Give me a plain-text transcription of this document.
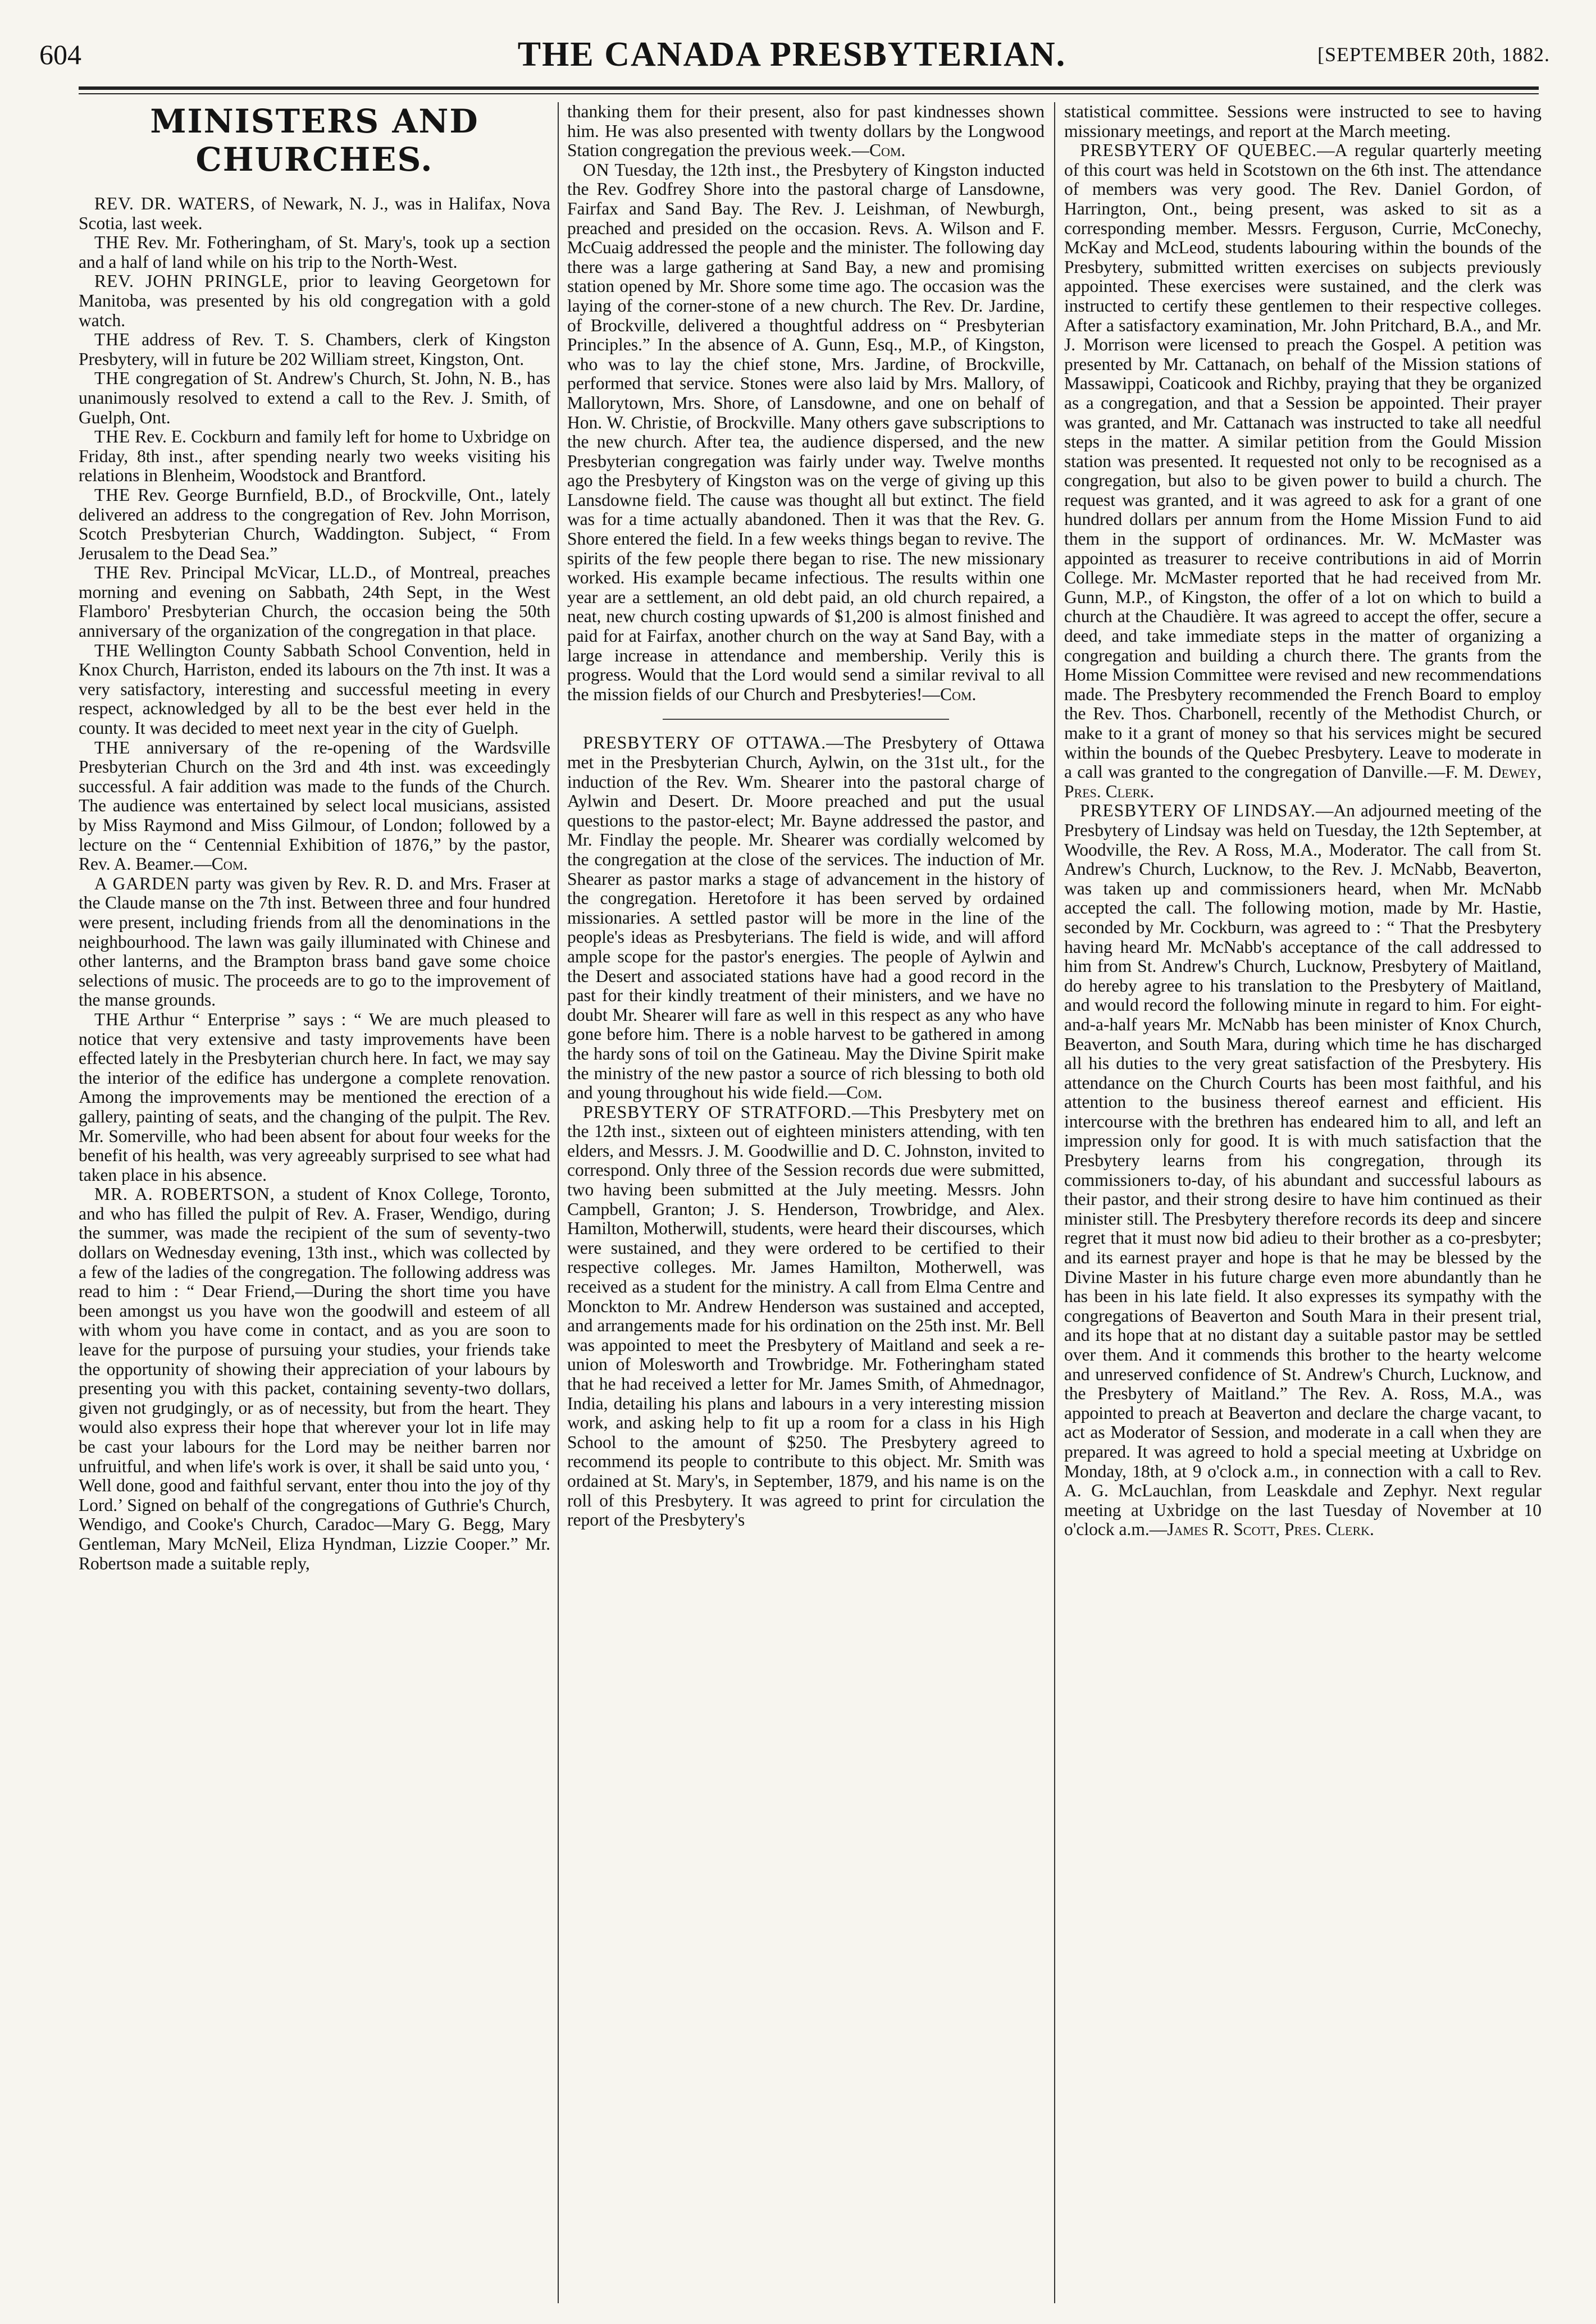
604	THE CANADA PRESBYTERIAN.	[SEPTEMBER 20th, 1882.
MINISTERS AND CHURCHES.

REV. DR. WATERS, of Newark, N. J., was in Halifax, Nova Scotia, last week.

THE Rev. Mr. Fotheringham, of St. Mary's, took up a section and a half of land while on his trip to the North-West.

REV. JOHN PRINGLE, prior to leaving Georgetown for Manitoba, was presented by his old congregation with a gold watch.

THE address of Rev. T. S. Chambers, clerk of Kingston Presbytery, will in future be 202 William street, Kingston, Ont.

THE congregation of St. Andrew's Church, St. John, N. B., has unanimously resolved to extend a call to the Rev. J. Smith, of Guelph, Ont.

THE Rev. E. Cockburn and family left for home to Uxbridge on Friday, 8th inst., after spending nearly two weeks visiting his relations in Blenheim, Woodstock and Brantford.

THE Rev. George Burnfield, B.D., of Brockville, Ont., lately delivered an address to the congregation of Rev. John Morrison, Scotch Presbyterian Church, Waddington. Subject, “ From Jerusalem to the Dead Sea.”

THE Rev. Principal McVicar, LL.D., of Montreal, preaches morning and evening on Sabbath, 24th Sept, in the West Flamboro' Presbyterian Church, the occasion being the 50th anniversary of the organization of the congregation in that place.

THE Wellington County Sabbath School Convention, held in Knox Church, Harriston, ended its labours on the 7th inst. It was a very satisfactory, interesting and successful meeting in every respect, acknowledged by all to be the best ever held in the county. It was decided to meet next year in the city of Guelph.

THE anniversary of the re-opening of the Wardsville Presbyterian Church on the 3rd and 4th inst. was exceedingly successful. A fair addition was made to the funds of the Church. The audience was entertained by select local musicians, assisted by Miss Raymond and Miss Gilmour, of London; followed by a lecture on the “ Centennial Exhibition of 1876,” by the pastor, Rev. A. Beamer.—Com.

A GARDEN party was given by Rev. R. D. and Mrs. Fraser at the Claude manse on the 7th inst. Between three and four hundred were present, including friends from all the denominations in the neighbourhood. The lawn was gaily illuminated with Chinese and other lanterns, and the Brampton brass band gave some choice selections of music. The proceeds are to go to the improvement of the manse grounds.

THE Arthur “ Enterprise ” says : “ We are much pleased to notice that very extensive and tasty improvements have been effected lately in the Presbyterian church here. In fact, we may say the interior of the edifice has undergone a complete renovation. Among the improvements may be mentioned the erection of a gallery, painting of seats, and the changing of the pulpit. The Rev. Mr. Somerville, who had been absent for about four weeks for the benefit of his health, was very agreeably surprised to see what had taken place in his absence.

MR. A. ROBERTSON, a student of Knox College, Toronto, and who has filled the pulpit of Rev. A. Fraser, Wendigo, during the summer, was made the recipient of the sum of seventy-two dollars on Wednesday evening, 13th inst., which was collected by a few of the ladies of the congregation. The following address was read to him : “ Dear Friend,—During the short time you have been amongst us you have won the goodwill and esteem of all with whom you have come in contact, and as you are soon to leave for the purpose of pursuing your studies, your friends take the opportunity of showing their appreciation of your labours by presenting you with this packet, containing seventy-two dollars, given not grudgingly, or as of necessity, but from the heart. They would also express their hope that wherever your lot in life may be cast your labours for the Lord may be neither barren nor unfruitful, and when life's work is over, it shall be said unto you, ‘ Well done, good and faithful servant, enter thou into the joy of thy Lord.’ Signed on behalf of the congregations of Guthrie's Church, Wendigo, and Cooke's Church, Caradoc—Mary G. Begg, Mary Gentleman, Mary McNeil, Eliza Hyndman, Lizzie Cooper.” Mr. Robertson made a suitable reply,

thanking them for their present, also for past kindnesses shown him. He was also presented with twenty dollars by the Longwood Station congregation the previous week.—Com.

ON Tuesday, the 12th inst., the Presbytery of Kingston inducted the Rev. Godfrey Shore into the pastoral charge of Lansdowne, Fairfax and Sand Bay. The Rev. J. Leishman, of Newburgh, preached and presided on the occasion. Revs. A. Wilson and F. McCuaig addressed the people and the minister. The following day there was a large gathering at Sand Bay, a new and promising station opened by Mr. Shore some time ago. The occasion was the laying of the corner-stone of a new church. The Rev. Dr. Jardine, of Brockville, delivered a thoughtful address on “ Presbyterian Principles.” In the absence of A. Gunn, Esq., M.P., of Kingston, who was to lay the chief stone, Mrs. Jardine, of Brockville, performed that service. Stones were also laid by Mrs. Mallory, of Mallorytown, Mrs. Shore, of Lansdowne, and one on behalf of Hon. W. Christie, of Brockville. Many others gave subscriptions to the new church. After tea, the audience dispersed, and the new Presbyterian congregation was fairly under way. Twelve months ago the Presbytery of Kingston was on the verge of giving up this Lansdowne field. The cause was thought all but extinct. The field was for a time actually abandoned. Then it was that the Rev. G. Shore entered the field. In a few weeks things began to revive. The spirits of the few people there began to rise. The new missionary worked. His example became infectious. The results within one year are a settlement, an old debt paid, an old church repaired, a neat, new church costing upwards of $1,200 is almost finished and paid for at Fairfax, another church on the way at Sand Bay, with a large increase in attendance and membership. Verily this is progress. Would that the Lord would send a similar revival to all the mission fields of our Church and Presbyteries!—Com.

PRESBYTERY OF OTTAWA.—The Presbytery of Ottawa met in the Presbyterian Church, Aylwin, on the 31st ult., for the induction of the Rev. Wm. Shearer into the pastoral charge of Aylwin and Desert. Dr. Moore preached and put the usual questions to the pastor-elect; Mr. Bayne addressed the pastor, and Mr. Findlay the people. Mr. Shearer was cordially welcomed by the congregation at the close of the services. The induction of Mr. Shearer as pastor marks a stage of advancement in the history of the congregation. Heretofore it has been served by ordained missionaries. A settled pastor will be more in the line of the people's ideas as Presbyterians. The field is wide, and will afford ample scope for the pastor's energies. The people of Aylwin and the Desert and associated stations have had a good record in the past for their kindly treatment of their ministers, and we have no doubt Mr. Shearer will fare as well in this respect as any who have gone before him. There is a noble harvest to be gathered in among the hardy sons of toil on the Gatineau. May the Divine Spirit make the ministry of the new pastor a source of rich blessing to both old and young throughout his wide field.—Com.

PRESBYTERY OF STRATFORD.—This Presbytery met on the 12th inst., sixteen out of eighteen ministers attending, with ten elders, and Messrs. J. M. Goodwillie and D. C. Johnston, invited to correspond. Only three of the Session records due were submitted, two having been submitted at the July meeting. Messrs. John Campbell, Granton; J. S. Henderson, Trowbridge, and Alex. Hamilton, Motherwill, students, were heard their discourses, which were sustained, and they were ordered to be certified to their respective colleges. Mr. James Hamilton, Motherwell, was received as a student for the ministry. A call from Elma Centre and Monckton to Mr. Andrew Henderson was sustained and accepted, and arrangements made for his ordination on the 25th inst. Mr. Bell was appointed to meet the Presbytery of Maitland and seek a re-union of Molesworth and Trowbridge. Mr. Fotheringham stated that he had received a letter for Mr. James Smith, of Ahmednagor, India, detailing his plans and labours in a very interesting mission work, and asking help to fit up a room for a class in his High School to the amount of $250. The Presbytery agreed to recommend its people to contribute to this object. Mr. Smith was ordained at St. Mary's, in September, 1879, and his name is on the roll of this Presbytery. It was agreed to print for circulation the report of the Presbytery's

statistical committee. Sessions were instructed to see to having missionary meetings, and report at the March meeting.

PRESBYTERY OF QUEBEC.—A regular quarterly meeting of this court was held in Scotstown on the 6th inst. The attendance of members was very good. The Rev. Daniel Gordon, of Harrington, Ont., being present, was asked to sit as a corresponding member. Messrs. Ferguson, Currie, McConechy, McKay and McLeod, students labouring within the bounds of the Presbytery, submitted written exercises on subjects previously appointed. These exercises were sustained, and the clerk was instructed to certify these gentlemen to their respective colleges. After a satisfactory examination, Mr. John Pritchard, B.A., and Mr. J. Morrison were licensed to preach the Gospel. A petition was presented by Mr. Cattanach, on behalf of the Mission stations of Massawippi, Coaticook and Richby, praying that they be organized as a congregation, and that a Session be appointed. Their prayer was granted, and Mr. Cattanach was instructed to take all needful steps in the matter. A similar petition from the Gould Mission station was presented. It requested not only to be recognised as a congregation, but also to be given power to build a church. The request was granted, and it was agreed to ask for a grant of one hundred dollars per annum from the Home Mission Fund to aid them in the support of ordinances. Mr. W. McMaster was appointed as treasurer to receive contributions in aid of Morrin College. Mr. McMaster reported that he had received from Mr. Gunn, M.P., of Kingston, the offer of a lot on which to build a church at the Chaudière. It was agreed to accept the offer, secure a deed, and take immediate steps in the matter of organizing a congregation and building a church there. The grants from the Home Mission Committee were revised and new recommendations made. The Presbytery recommended the French Board to employ the Rev. Thos. Charbonell, recently of the Methodist Church, or make to it a grant of money so that his services might be secured within the bounds of the Quebec Presbytery. Leave to moderate in a call was granted to the congregation of Danville.—F. M. Dewey, Pres. Clerk.

PRESBYTERY OF LINDSAY.—An adjourned meeting of the Presbytery of Lindsay was held on Tuesday, the 12th September, at Woodville, the Rev. A Ross, M.A., Moderator. The call from St. Andrew's Church, Lucknow, to the Rev. J. McNabb, Beaverton, was taken up and commissioners heard, when Mr. McNabb accepted the call. The following motion, made by Mr. Hastie, seconded by Mr. Cockburn, was agreed to : “ That the Presbytery having heard Mr. McNabb's acceptance of the call addressed to him from St. Andrew's Church, Lucknow, Presbytery of Maitland, do hereby agree to his translation to the Presbytery of Maitland, and would record the following minute in regard to him. For eight-and-a-half years Mr. McNabb has been minister of Knox Church, Beaverton, and South Mara, during which time he has discharged all his duties to the very great satisfaction of the Presbytery. His attendance on the Church Courts has been most faithful, and his attention to the business thereof earnest and efficient. His intercourse with the brethren has endeared him to all, and left an impression only for good. It is with much satisfaction that the Presbytery learns from his congregation, through its commissioners to-day, of his abundant and successful labours as their pastor, and their strong desire to have him continued as their minister still. The Presbytery therefore records its deep and sincere regret that it must now bid adieu to their brother as a co-presbyter; and its earnest prayer and hope is that he may be blessed by the Divine Master in his future charge even more abundantly than he has been in his late field. It also expresses its sympathy with the congregations of Beaverton and South Mara in their present trial, and its hope that at no distant day a suitable pastor may be settled over them. And it commends this brother to the hearty welcome and unreserved confidence of St. Andrew's Church, Lucknow, and the Presbytery of Maitland.” The Rev. A. Ross, M.A., was appointed to preach at Beaverton and declare the charge vacant, to act as Moderator of Session, and moderate in a call when they are prepared. It was agreed to hold a special meeting at Uxbridge on Monday, 18th, at 9 o'clock a.m., in connection with a call to Rev. A. G. McLauchlan, from Leaskdale and Zephyr. Next regular meeting at Uxbridge on the last Tuesday of November at 10 o'clock a.m.—James R. Scott, Pres. Clerk.
